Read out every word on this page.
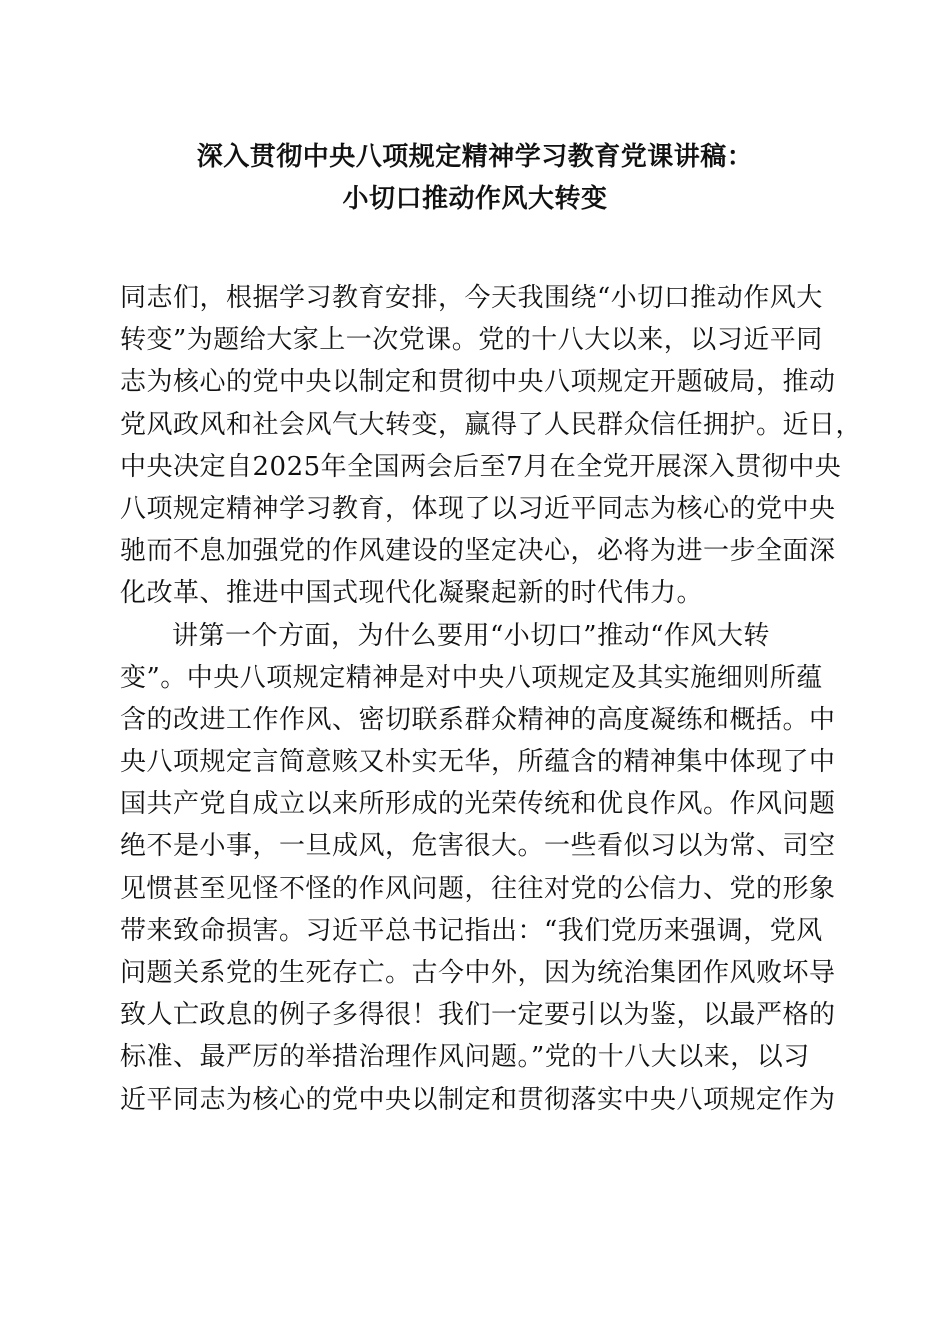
深入贯彻中央八项规定精神学习教育党课讲稿：
小切口推动作风大转变
同志们，根据学习教育安排，今天我围绕“小切口推动作风大
转变”为题给大家上一次党课。党的十八大以来，以习近平同
志为核心的党中央以制定和贯彻中央八项规定开题破局，推动
党风政风和社会风气大转变，赢得了人民群众信任拥护。近日，
中央决定自2025年全国两会后至7月在全党开展深入贯彻中央
八项规定精神学习教育，体现了以习近平同志为核心的党中央
驰而不息加强党的作风建设的坚定决心，必将为进一步全面深
化改革、推进中国式现代化凝聚起新的时代伟力。
讲第一个方面，为什么要用“小切口”推动“作风大转
变”。中央八项规定精神是对中央八项规定及其实施细则所蕴
含的改进工作作风、密切联系群众精神的高度凝练和概括。中
央八项规定言简意赅又朴实无华，所蕴含的精神集中体现了中
国共产党自成立以来所形成的光荣传统和优良作风。作风问题
绝不是小事，一旦成风，危害很大。一些看似习以为常、司空
见惯甚至见怪不怪的作风问题，往往对党的公信力、党的形象
带来致命损害。习近平总书记指出：“我们党历来强调，党风
问题关系党的生死存亡。古今中外，因为统治集团作风败坏导
致人亡政息的例子多得很！我们一定要引以为鉴，以最严格的
标准、最严厉的举措治理作风问题。”党的十八大以来，以习
近平同志为核心的党中央以制定和贯彻落实中央八项规定作为
